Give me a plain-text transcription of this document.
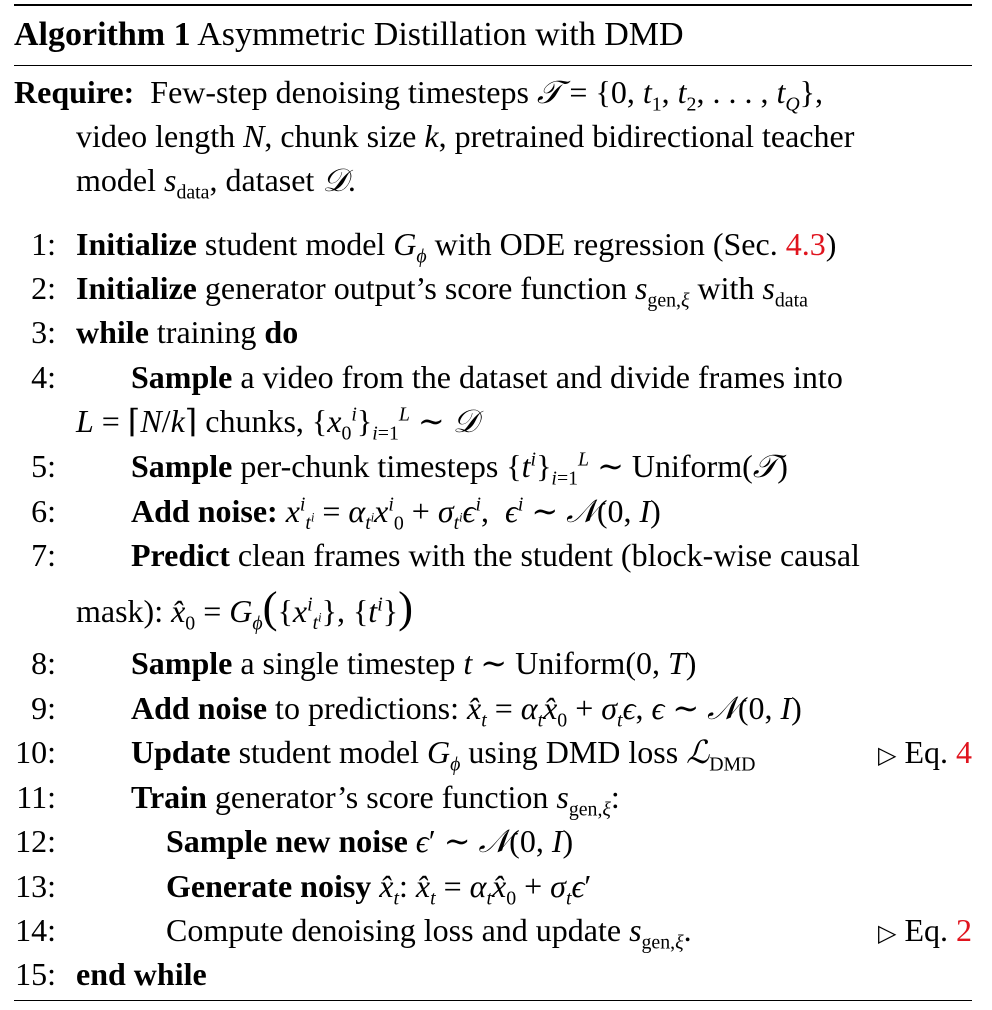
Algorithm 1 Asymmetric Distillation with DMD
Require: Few-step denoising timesteps 𝒯 = {0, $t_1$, $t_2$, . . . , $t_Q$},
video length N, chunk size k, pretrained bidirectional teacher
model $s_{data}$, dataset 𝒟.
1: Initialize student model $G_\phi$ with ODE regression (Sec. 4.3)
2: Initialize generator output’s score function $s_{gen,\xi}$ with $s_{data}$
3: while training do
4: Sample a video from the dataset and divide frames into
L = ⌈N/k⌉ chunks, $\{x_0^i\}_{i=1}^L$ ∼ 𝒟
5: Sample per-chunk timesteps $\{t^i\}_{i=1}^L$ ∼ Uniform(𝒯)
6: Add noise: $x^i_{t^i} = \alpha_{t^i}x^i_0 + \sigma_{t^i}\epsilon^i$,  $\epsilon^i$ ∼ 𝒩(0, I)
7: Predict clean frames with the student (block-wise causal
mask): $x̂_0 = G_\phi(\{x^i_{t^i}\}$, $\{t^i\}$)
8: Sample a single timestep t ∼ Uniform(0, T)
9: Add noise to predictions: $x̂_t$ = $\alpha_tx̂_0 + \sigma_t\epsilon$, ϵ ∼ 𝒩(0, I)
10: Update student model $G_\phi$ using DMD loss ℒ$_{DMD}$	▷ Eq. 4
11: Train generator’s score function $s_{gen,\xi}$:
12:	Sample new noise ϵ′ ∼ 𝒩(0, I)
13:	Generate noisy $x̂_t$: $x̂_t$ = $\alpha_tx̂_0 + \sigma_t\epsilon'$
14:	Compute denoising loss and update $s_{gen,\xi}$.	▷ Eq. 2
15: end while
